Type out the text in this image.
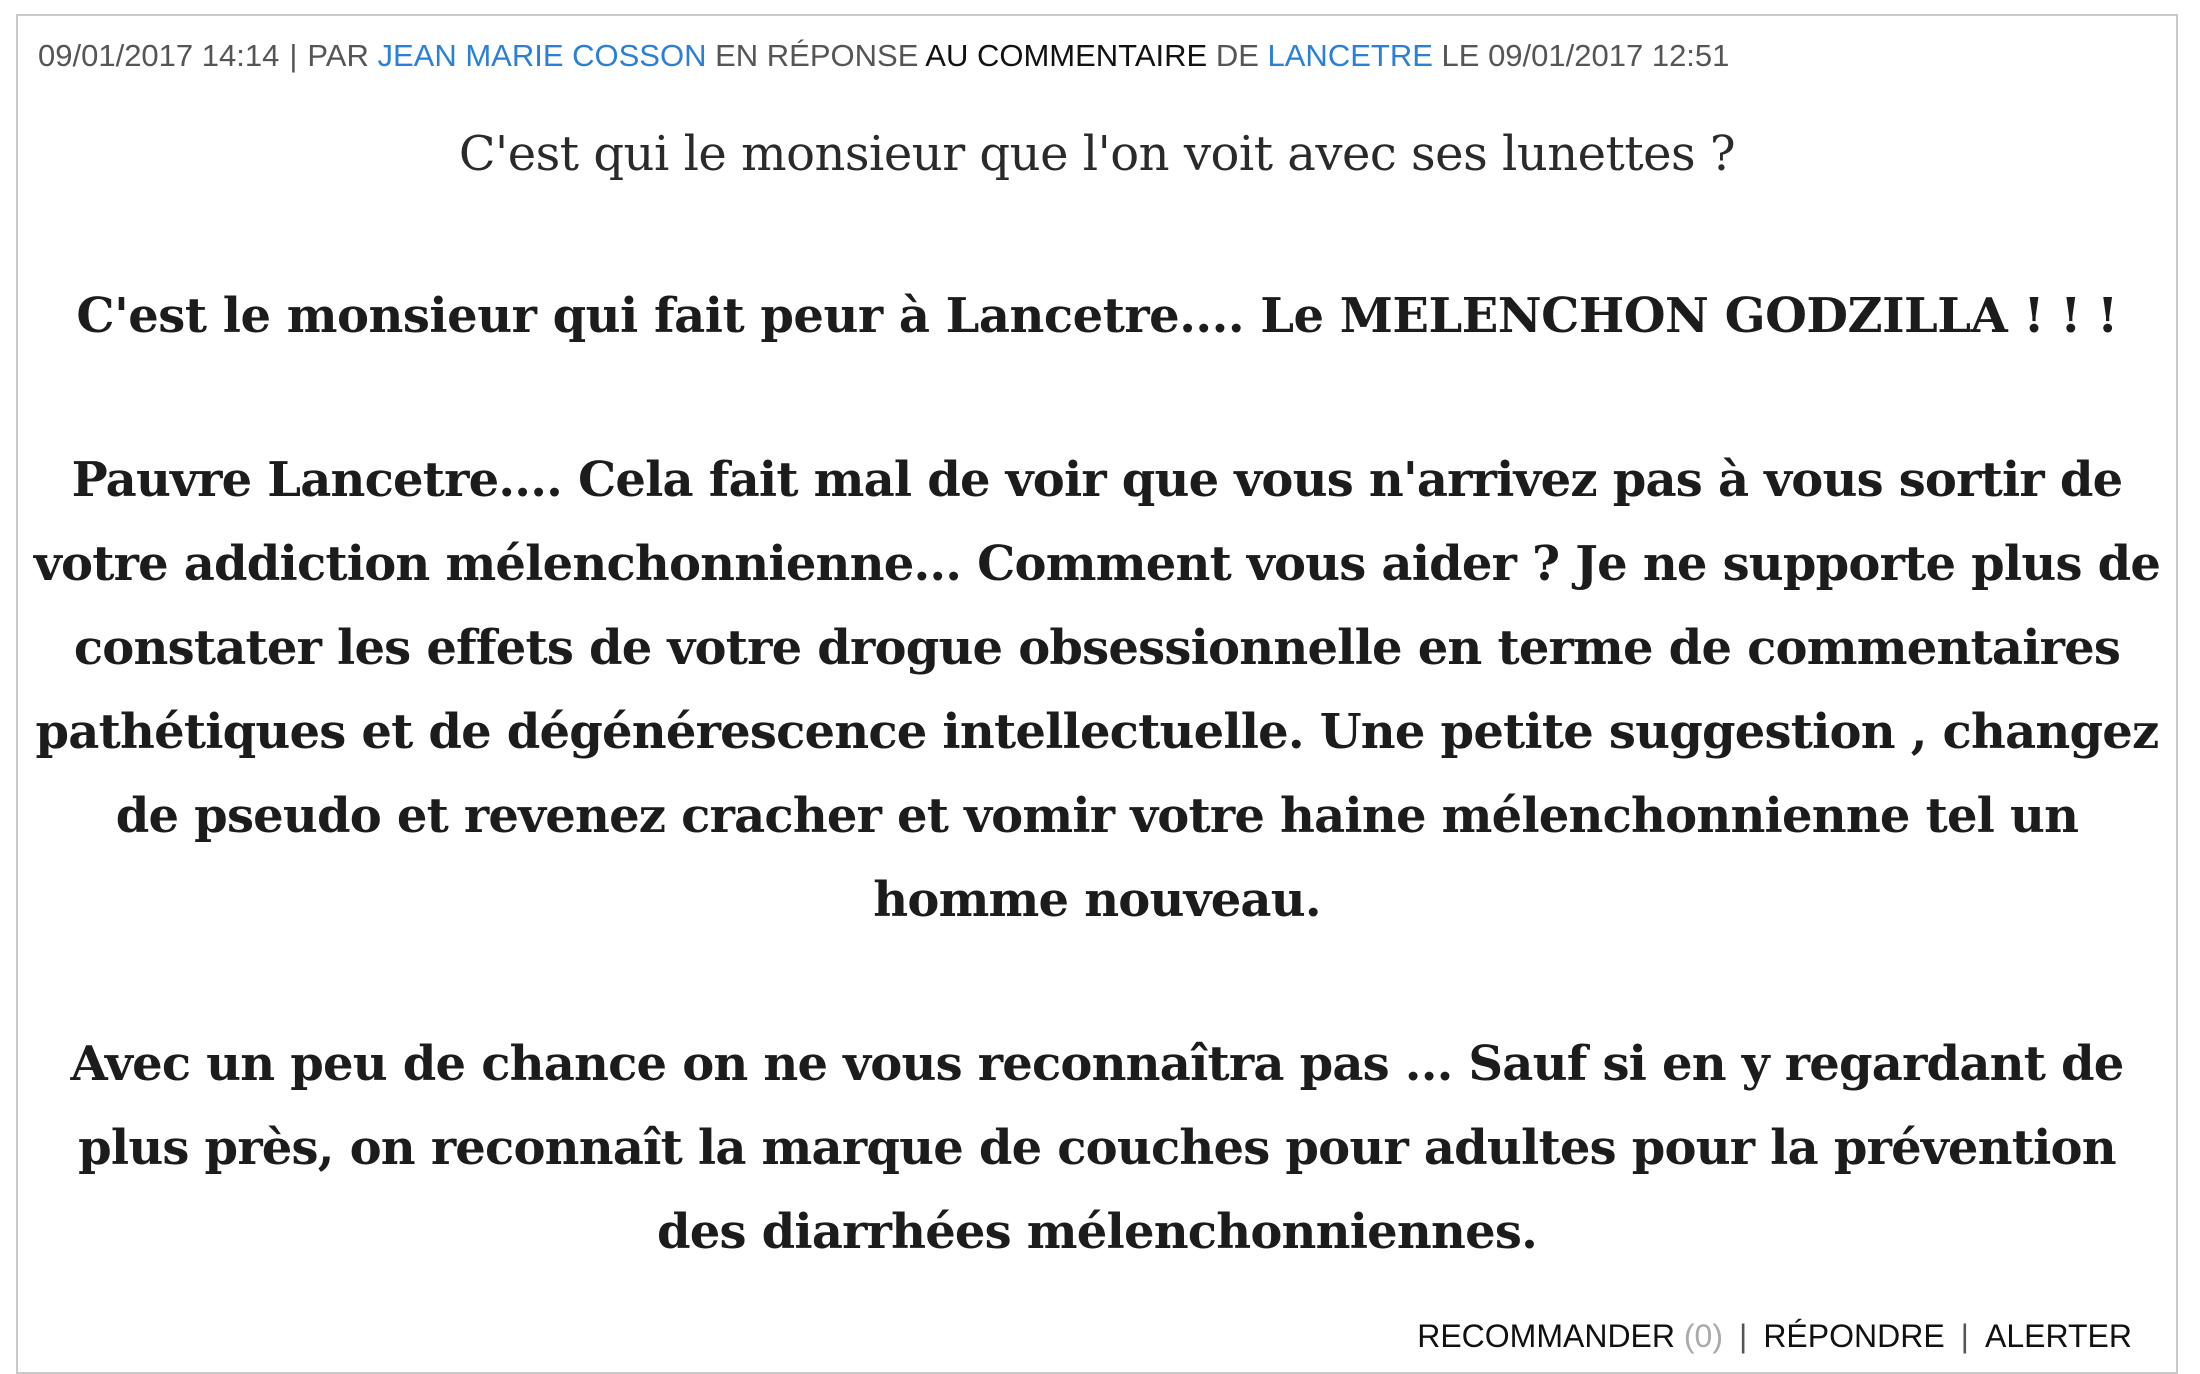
09/01/2017 14:14 | PAR JEAN MARIE COSSON EN RÉPONSE AU COMMENTAIRE DE LANCETRE LE 09/01/2017 12:51

C'est qui le monsieur que l'on voit avec ses lunettes ?

C'est le monsieur qui fait peur à Lancetre.... Le MELENCHON GODZILLA ! ! !

Pauvre Lancetre.... Cela fait mal de voir que vous n'arrivez pas à vous sortir de votre addiction mélenchonnienne... Comment vous aider ? Je ne supporte plus de constater les effets de votre drogue obsessionnelle en terme de commentaires pathétiques et de dégénérescence intellectuelle. Une petite suggestion , changez de pseudo et revenez cracher et vomir votre haine mélenchonnienne tel un homme nouveau.

Avec un peu de chance on ne vous reconnaîtra pas ... Sauf si en y regardant de plus près, on reconnaît la marque de couches pour adultes pour la prévention des diarrhées mélenchonniennes.

RECOMMANDER (0) | RÉPONDRE | ALERTER
